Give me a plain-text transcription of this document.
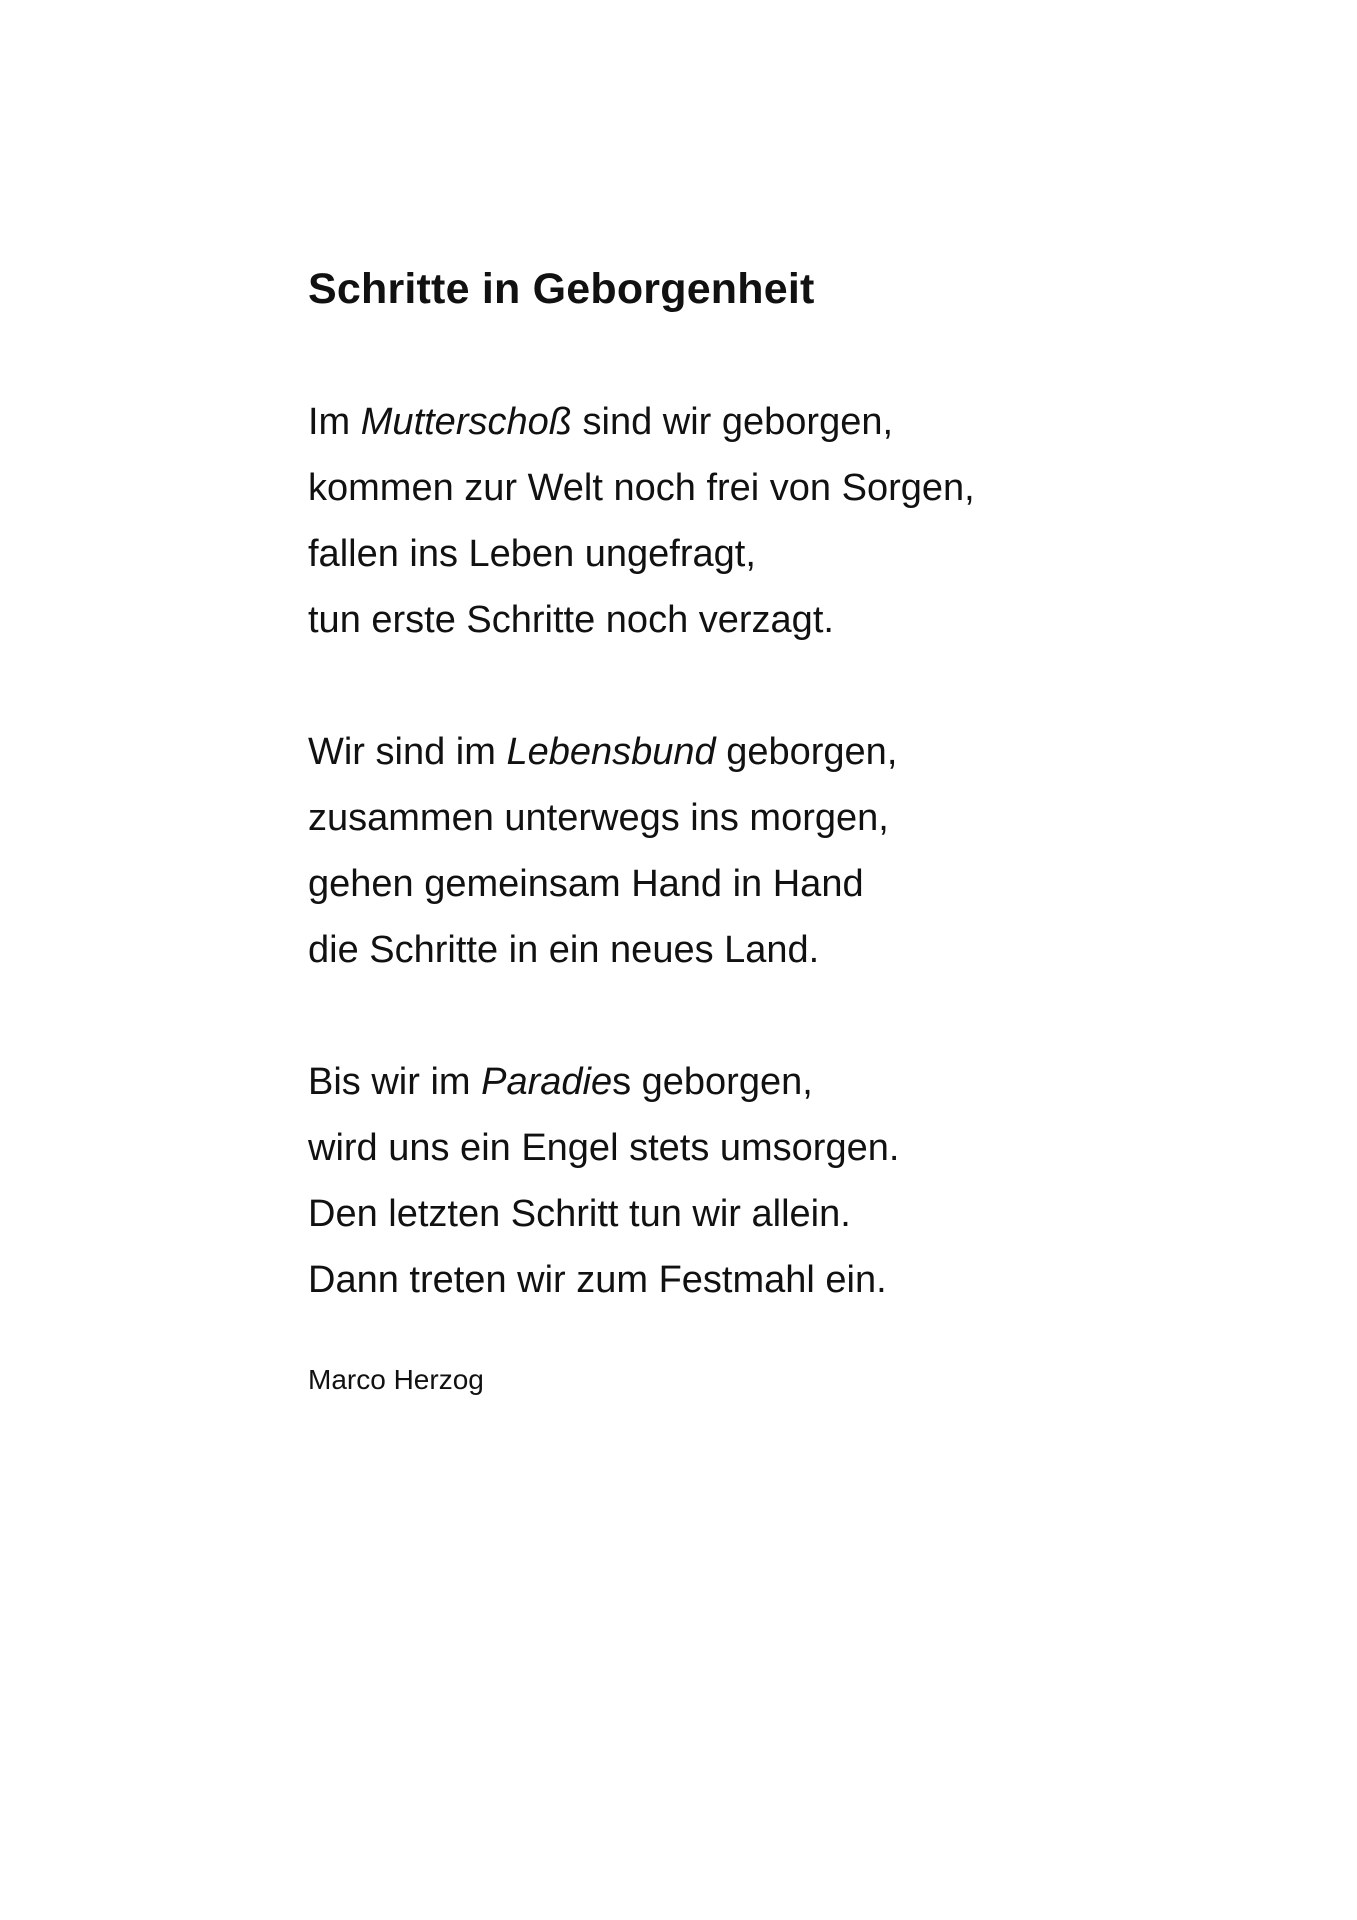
Schritte in Geborgenheit
Im Mutterschoß sind wir geborgen,
kommen zur Welt noch frei von Sorgen,
fallen ins Leben ungefragt,
tun erste Schritte noch verzagt.
Wir sind im Lebensbund geborgen,
zusammen unterwegs ins morgen,
gehen gemeinsam Hand in Hand
die Schritte in ein neues Land.
Bis wir im Paradies geborgen,
wird uns ein Engel stets umsorgen.
Den letzten Schritt tun wir allein.
Dann treten wir zum Festmahl ein.
Marco Herzog
